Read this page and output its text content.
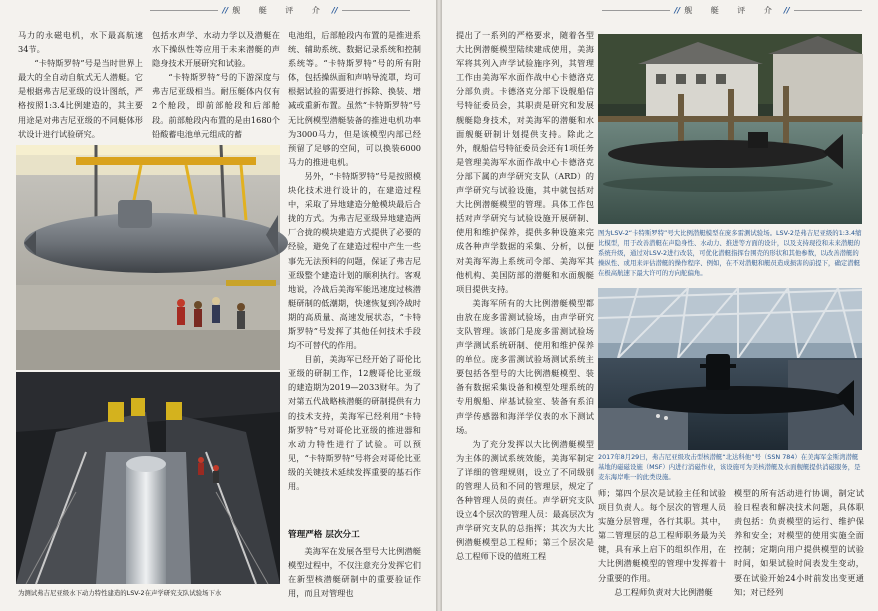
// 舰 艇 评 介 //

马力的永磁电机，水下最高航速34节。

“卡特斯罗特”号是当时世界上最大的全自动自航式无人潜艇。它是根据弗吉尼亚级的设计图纸，严格按照1:3.4比例建造的，其主要用途是对弗吉尼亚级的不同艇体形状设计进行试验研究。

包括水声学、水动力学以及潜艇在水下操纵性等应用于未来潜艇的声隐身技术开展研究和试验。

“卡特斯罗特”号的下游深度与弗吉尼亚级相当。耐压艇体内仅有2个舱段，即前部舱段和后部舱段。前部舱段内布置的是由1680个铅酸蓄电池单元组成的蓄

电池组，后部舱段内布置的是推进系统、辅助系统、数据记录系统和控制系统等。“卡特斯罗特”号的所有附体，包括操纵面和声呐导流罩，均可根据试验的需要进行拆除、换装、增减或重新布置。虽然“卡特斯罗特”号无比例模型潜艇装备的推进电机功率为3000马力，但是该模型内部已经预留了足够的空间，可以换装6000马力的推进电机。

另外，“卡特斯罗特”号是按照模块化技术进行设计的，在建造过程中，采取了异地建造分舱模块最后合拢的方式。为弗吉尼亚级异地建造两厂合拢的模块建造方式提供了必要的经验，避免了在建造过程中产生一些事先无法预料的问题，保证了弗吉尼亚级整个建造计划的顺利执行。客观地说，冷战后美海军能迅速度过核潜艇研制的低潮期，快速恢复到冷战时期的高质量、高速发展状态，“卡特斯罗特”号发挥了其他任何技术手段均不可替代的作用。

目前，美海军已经开始了哥伦比亚级的研制工作，12艘哥伦比亚级的建造期为2019—2033财年。为了对第五代战略核潜艇的研制提供有力的技术支持，美海军已经利用“卡特斯罗特”号对哥伦比亚级的推进器和水动力特性进行了试验。可以预见，“卡特斯罗特”号将会对哥伦比亚级的关键技术延续发挥重要的基石作用。

管理严格 层次分工

美海军在发展各型号大比例潜艇模型过程中，不仅注意充分发挥它们在新型核潜艇研制中的重要验证作用，而且对管理也

为测试弗吉尼亚级水下动力特性建造的LSV-2在声学研究支队试验场下水
// 舰 艇 评 介 //

提出了一系列的严格要求，随着各型大比例潜艇模型陆续建成使用，美海军将其列入声学试验施序列，其管理工作由美海军水面作战中心卡德洛克分部负责。卡德洛克分部下设舰船信号特征委员会，其职责是研究和发展舰艇隐身技术，对美海军的潜艇和水面舰艇研制计划提供支持。除此之外，舰船信号特征委员会还有1项任务是管理美海军水面作战中心卡德洛克分部下属的声学研究支队（ARD）的声学研究与试验设施，其中就包括对大比例潜艇模型的管理。具体工作包括对声学研究与试验设施开展研制、使用和维护保养，提供多种设施来完成各种声学数据的采集、分析，以便对美海军海上系统司令部、美海军其他机构、美国防部的潜艇和水面舰艇项目提供支持。

美海军所有的大比例潜艇模型都由放在庞多雷测试验场，由声学研究支队管理。该部门是庞多雷测试验场声学测试系统研制、使用和维护保养的单位。庞多雷测试验场测试系统主要包括各型号的大比例潜艇模型、装备有数据采集设备和模型处理系统的专用舰船、岸基试验室、装备有系泊声学传感器和海洋学仪表的水下测试场。

为了充分发挥以大比例潜艇模型为主体的测试系统效能，美海军制定了详细的管理规则，设立了不同级别的管理人员和不同的管理层，规定了各种管理人员的责任。声学研究支队设立4个层次的管理人员：最高层次为声学研究支队的总指挥；其次为大比例潜艇模型总工程师；第三个层次是总工程师下设的值班工程

图为LSV-2“卡特斯罗特”号大比例潜艇模型在庞多雷测试验场。LSV-2是弗吉尼亚级的1:3.4缩比模型，用于改善潜艇在声隐身性、水动力、推进等方面的设计，以及支持现役和未来潜艇的系统升级，通过对LSV-2进行改装，可优化潜艇指挥台围壳的形状和其他参数，以改善潜艇的操纵性、或用来评估潜艇的操作程序、例如，在不对潜艇和艇员造成损害的前提下，确定潜艇在极高航速下最大许可的方向舵偏角。
2017年8月29日，弗吉尼亚级攻击型核潜艇“北达科他”号（SSN 784）在美海军金斯湾潜艇基地的磁磁设施（MSF）内进行消磁作业，该设施可为美核潜艇及水面舰艇提供消磁服务，是麦东海岸唯一的此类设施。

师；第四个层次是试验主任和试验项目负责人。每个层次的管理人员实施分层管理，各行其职。其中，第二管理层的总工程师职务最为关键，具有承上启下的组织作用，在大比例潜艇模型的管理中发挥着十分重要的作用。

总工程师负责对大比例潜艇

模型的所有活动进行协调，制定试验日程表和解决技术问题，具体职责包括：负责模型的运行、维护保养和安全；对模型的使用实施全面控制；定期向用户提供模型的试验时间，如果试验时间表发生变动，要在试验开始24小时前发出变更通知；对已经列
